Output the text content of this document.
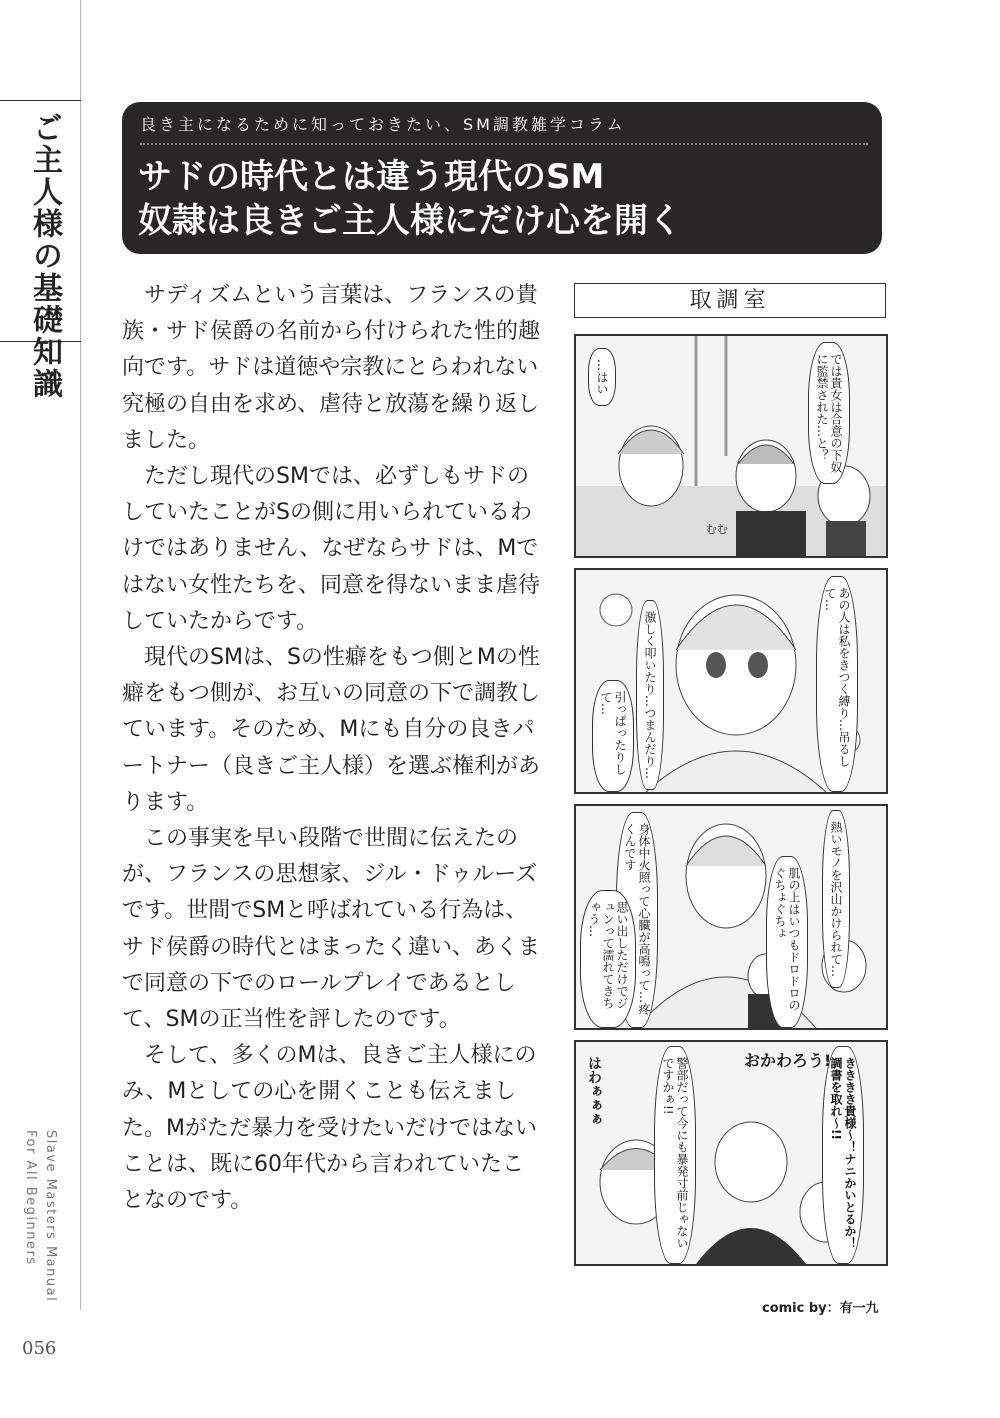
ご主人様の基礎知識
Slave Masters Manual
For All Beginners
056
良き主になるために知っておきたい、SM調教雑学コラム
サドの時代とは違う現代のSM
奴隷は良きご主人様にだけ心を開く

サディズムという言葉は、フランスの貴族・サド侯爵の名前から付けられた性的趣向です。サドは道徳や宗教にとらわれない究極の自由を求め、虐待と放蕩を繰り返しました。

ただし現代のSMでは、必ずしもサドのしていたことがSの側に用いられているわけではありません、なぜならサドは、Mではない女性たちを、同意を得ないまま虐待していたからです。

現代のSMは、Sの性癖をもつ側とMの性癖をもつ側が、お互いの同意の下で調教しています。そのため、Mにも自分の良きパートナー（良きご主人様）を選ぶ権利があります。

この事実を早い段階で世間に伝えたのが、フランスの思想家、ジル・ドゥルーズです。世間でSMと呼ばれている行為は、サド侯爵の時代とはまったく違い、あくまで同意の下でのロールプレイであるとして、SMの正当性を評したのです。

そして、多くのMは、良きご主人様にのみ、Mとしての心を開くことも伝えました。Mがただ暴力を受けたいだけではないことは、既に60年代から言われていたことなのです。

取調室
…はい	では貴女は合意の下奴に監禁された…と？
むむ
激しく叩いたり…つまんだり…	あの人は私をきつく縛り…吊るして…
引っぱったりして…
熱いモノを沢山かけられて…
肌の上はいつもドロドロのぐちょぐちょ
身体中火照って心臓が高鳴って…疼くんです
思い出しただけでジュンって濡れてきちゃう…
警部だって今にも暴発寸前じゃないですかぁ!!	きききき貴様～！ナニかいとるか！調書を取れ～!!
おかわろう!
はわぁぁぁ
comic by：有一九
